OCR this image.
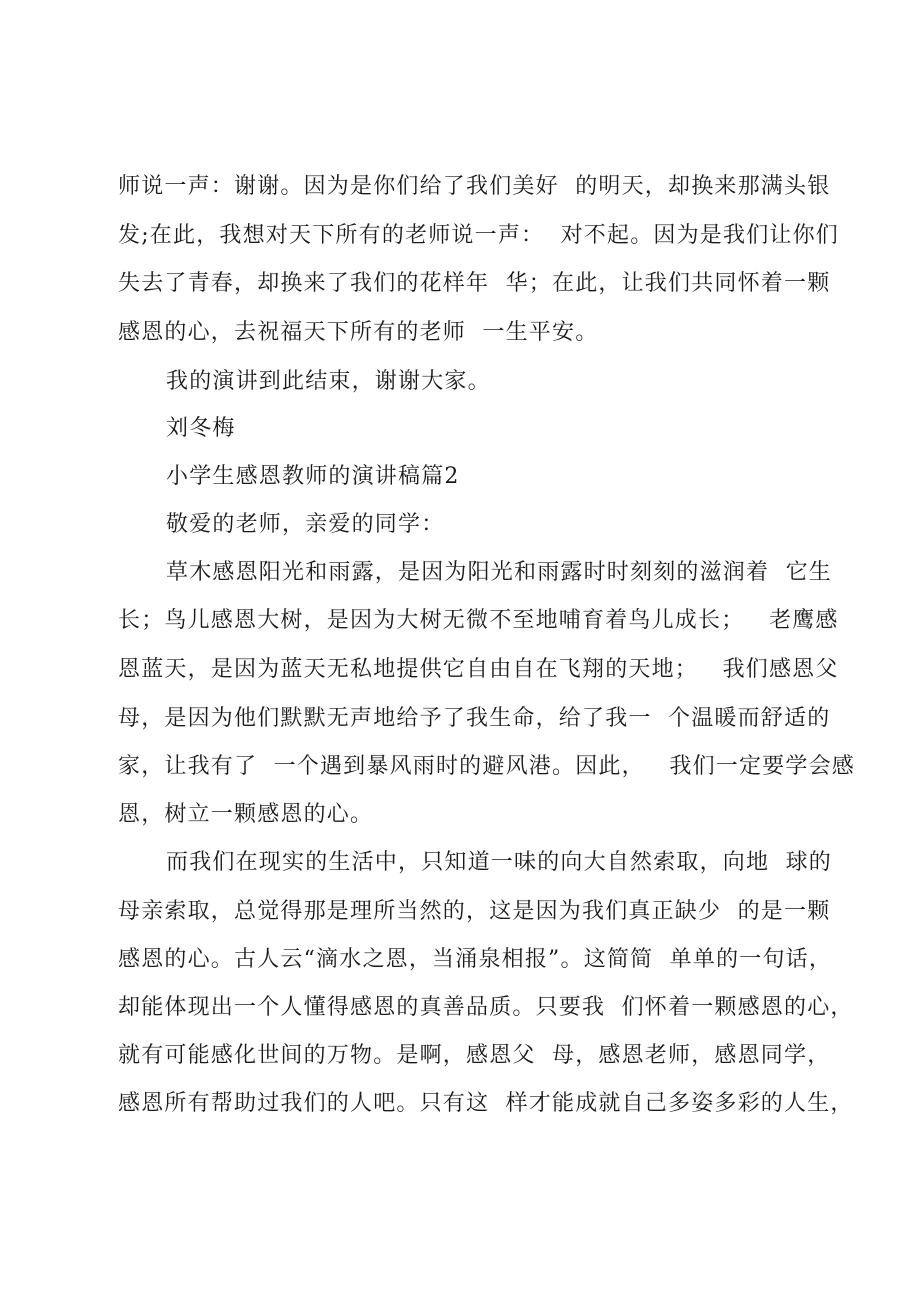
师说一声：谢谢。因为是你们给了我们美好  的明天，却换来那满头银
发;在此，我想对天下所有的老师说一声：  对不起。因为是我们让你们
失去了青春，却换来了我们的花样年  华；在此，让我们共同怀着一颗
感恩的心，去祝福天下所有的老师  一生平安。
我的演讲到此结束，谢谢大家。
刘冬梅
小学生感恩教师的演讲稿篇2
敬爱的老师，亲爱的同学：
草木感恩阳光和雨露，是因为阳光和雨露时时刻刻的滋润着  它生
长；鸟儿感恩大树，是因为大树无微不至地哺育着鸟儿成长；   老鹰感
恩蓝天，是因为蓝天无私地提供它自由自在飞翔的天地；   我们感恩父
母，是因为他们默默无声地给予了我生命，给了我一  个温暖而舒适的
家，让我有了  一个遇到暴风雨时的避风港。因此，   我们一定要学会感
恩，树立一颗感恩的心。
而我们在现实的生活中，只知道一味的向大自然索取，向地  球的
母亲索取，总觉得那是理所当然的，这是因为我们真正缺少  的是一颗
感恩的心。古人云“滴水之恩，当涌泉相报”。这简简  单单的一句话，
却能体现出一个人懂得感恩的真善品质。只要我  们怀着一颗感恩的心，
就有可能感化世间的万物。是啊，感恩父  母，感恩老师，感恩同学，
感恩所有帮助过我们的人吧。只有这  样才能成就自己多姿多彩的人生，
